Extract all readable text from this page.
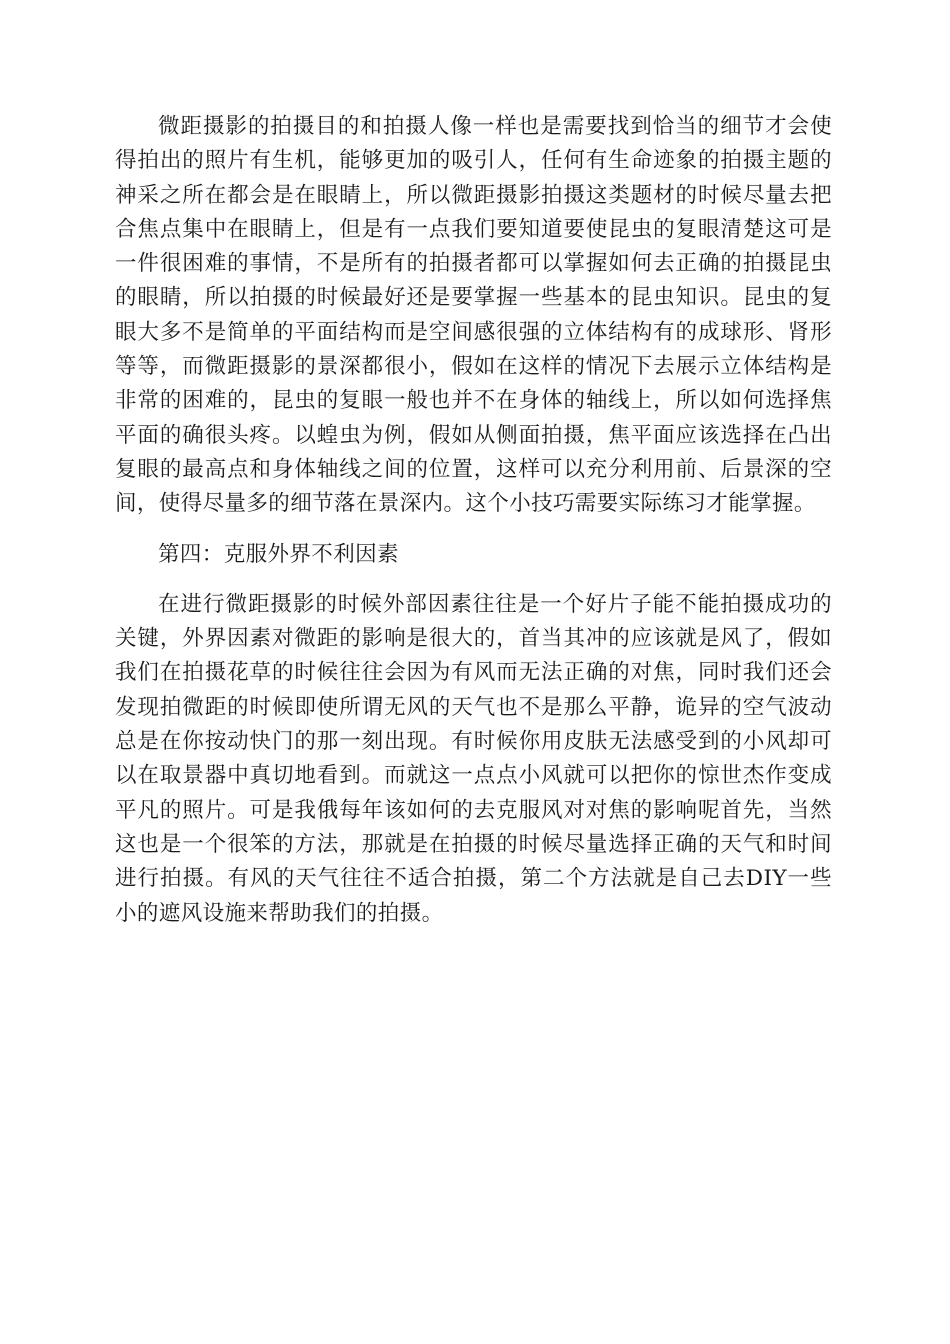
微距摄影的拍摄目的和拍摄人像一样也是需要找到恰当的细节才会使得拍出的照片有生机，能够更加的吸引人，任何有生命迹象的拍摄主题的神采之所在都会是在眼睛上，所以微距摄影拍摄这类题材的时候尽量去把合焦点集中在眼睛上，但是有一点我们要知道要使昆虫的复眼清楚这可是一件很困难的事情，不是所有的拍摄者都可以掌握如何去正确的拍摄昆虫的眼睛，所以拍摄的时候最好还是要掌握一些基本的昆虫知识。昆虫的复眼大多不是简单的平面结构而是空间感很强的立体结构有的成球形、肾形等等，而微距摄影的景深都很小，假如在这样的情况下去展示立体结构是非常的困难的，昆虫的复眼一般也并不在身体的轴线上，所以如何选择焦平面的确很头疼。以蝗虫为例，假如从侧面拍摄，焦平面应该选择在凸出复眼的最高点和身体轴线之间的位置，这样可以充分利用前、后景深的空间，使得尽量多的细节落在景深内。这个小技巧需要实际练习才能掌握。

第四：克服外界不利因素

在进行微距摄影的时候外部因素往往是一个好片子能不能拍摄成功的关键，外界因素对微距的影响是很大的，首当其冲的应该就是风了，假如我们在拍摄花草的时候往往会因为有风而无法正确的对焦，同时我们还会发现拍微距的时候即使所谓无风的天气也不是那么平静，诡异的空气波动总是在你按动快门的那一刻出现。有时候你用皮肤无法感受到的小风却可以在取景器中真切地看到。而就这一点点小风就可以把你的惊世杰作变成平凡的照片。可是我俄每年该如何的去克服风对对焦的影响呢首先，当然这也是一个很笨的方法，那就是在拍摄的时候尽量选择正确的天气和时间进行拍摄。有风的天气往往不适合拍摄，第二个方法就是自己去DIY一些小的遮风设施来帮助我们的拍摄。
